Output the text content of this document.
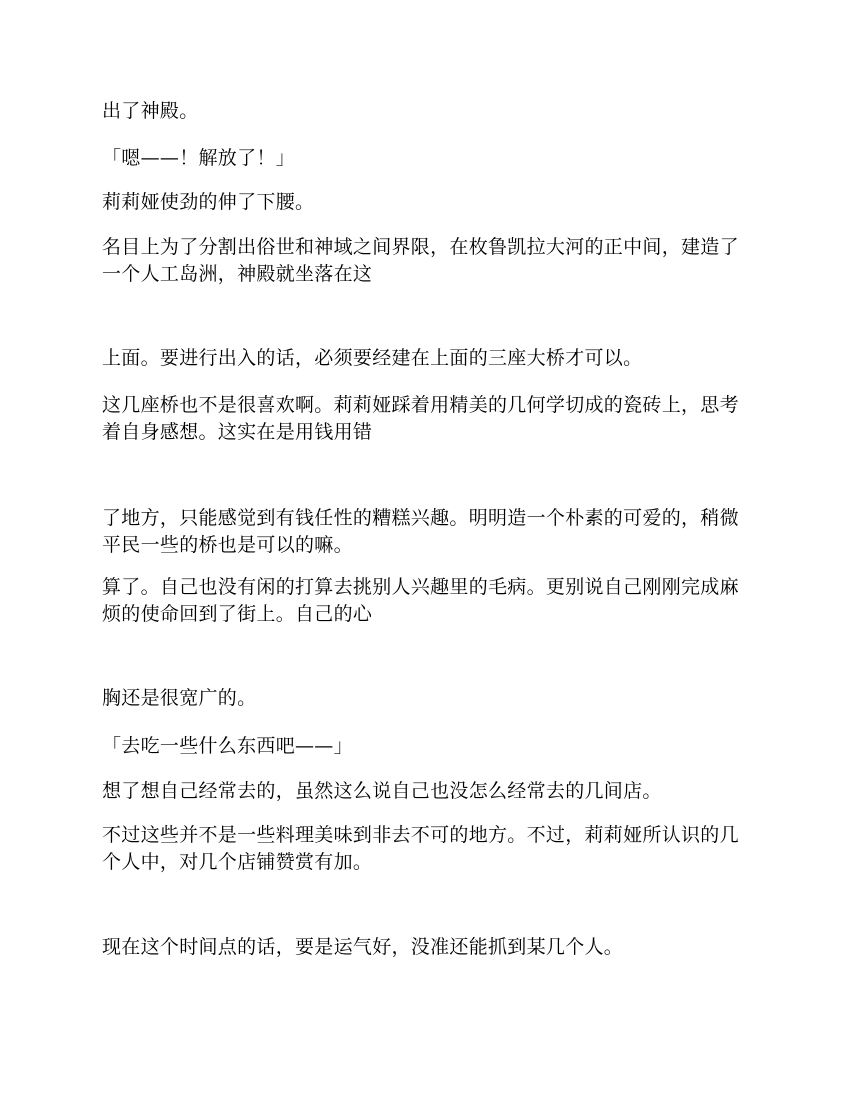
出了神殿。

「嗯——！解放了！」

莉莉娅使劲的伸了下腰。

名目上为了分割出俗世和神域之间界限，在枚鲁凯拉大河的正中间，建造了一个人工岛洲，神殿就坐落在这

上面。要进行出入的话，必须要经建在上面的三座大桥才可以。

这几座桥也不是很喜欢啊。莉莉娅踩着用精美的几何学切成的瓷砖上，思考着自身感想。这实在是用钱用错

了地方，只能感觉到有钱任性的糟糕兴趣。明明造一个朴素的可爱的，稍微平民一些的桥也是可以的嘛。

算了。自己也没有闲的打算去挑别人兴趣里的毛病。更别说自己刚刚完成麻烦的使命回到了街上。自己的心

胸还是很宽广的。

「去吃一些什么东西吧——」

想了想自己经常去的，虽然这么说自己也没怎么经常去的几间店。

不过这些并不是一些料理美味到非去不可的地方。不过，莉莉娅所认识的几个人中，对几个店铺赞赏有加。

现在这个时间点的话，要是运气好，没准还能抓到某几个人。
